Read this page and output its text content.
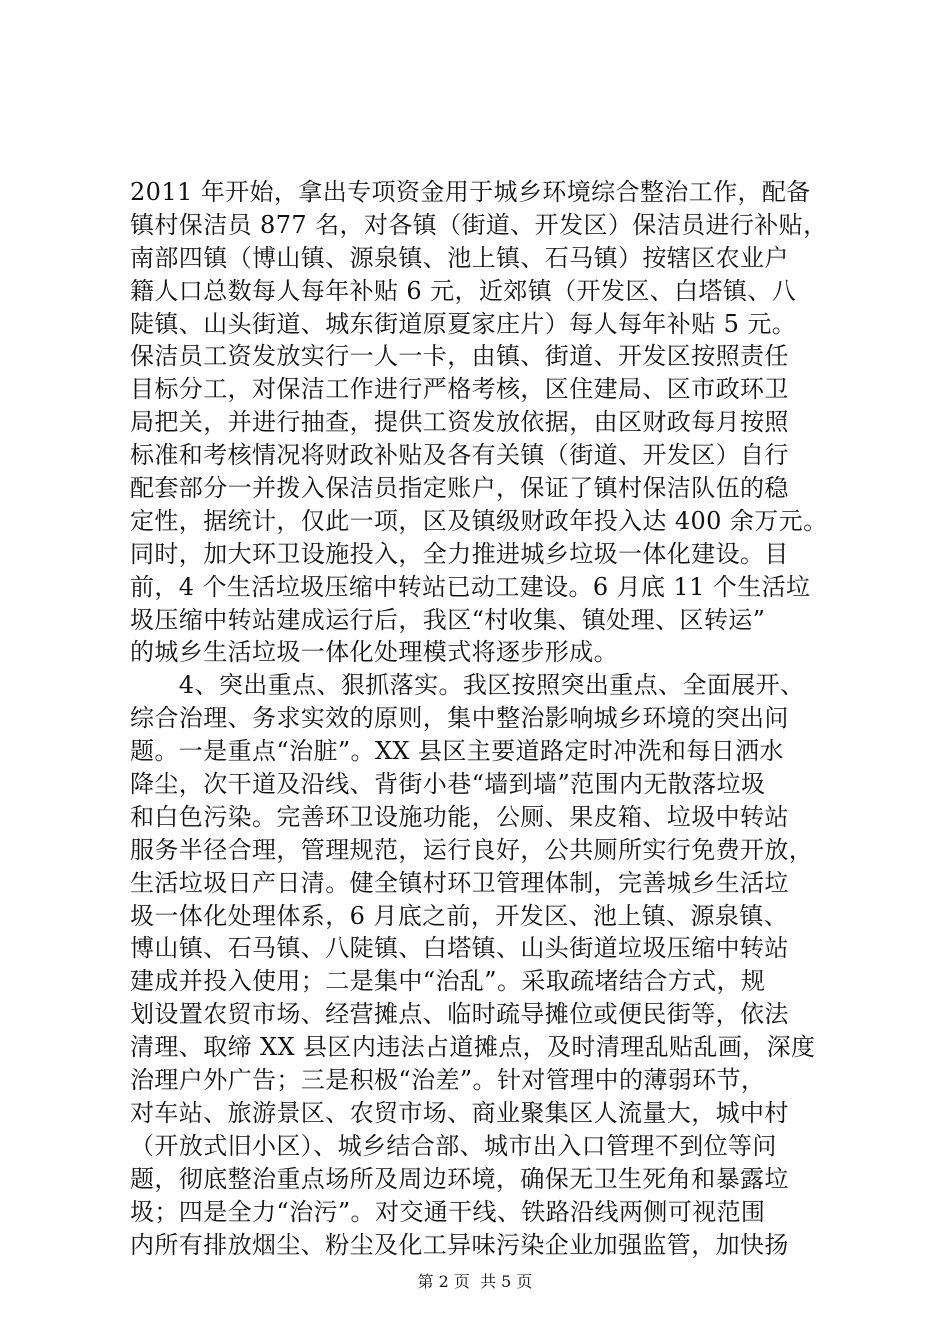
2011 年开始，拿出专项资金用于城乡环境综合整治工作，配备
镇村保洁员 877 名，对各镇（街道、开发区）保洁员进行补贴，
南部四镇（博山镇、源泉镇、池上镇、石马镇）按辖区农业户
籍人口总数每人每年补贴 6 元，近郊镇（开发区、白塔镇、八
陡镇、山头街道、城东街道原夏家庄片）每人每年补贴 5 元。
保洁员工资发放实行一人一卡，由镇、街道、开发区按照责任
目标分工，对保洁工作进行严格考核，区住建局、区市政环卫
局把关，并进行抽查，提供工资发放依据，由区财政每月按照
标准和考核情况将财政补贴及各有关镇（街道、开发区）自行
配套部分一并拨入保洁员指定账户，保证了镇村保洁队伍的稳
定性，据统计，仅此一项，区及镇级财政年投入达 400 余万元。
同时，加大环卫设施投入，全力推进城乡垃圾一体化建设。目
前，4 个生活垃圾压缩中转站已动工建设。6 月底 11 个生活垃
圾压缩中转站建成运行后，我区“村收集、镇处理、区转运”
的城乡生活垃圾一体化处理模式将逐步形成。
　　4、突出重点、狠抓落实。我区按照突出重点、全面展开、
综合治理、务求实效的原则，集中整治影响城乡环境的突出问
题。一是重点“治脏”。XX 县区主要道路定时冲洗和每日洒水
降尘，次干道及沿线、背街小巷“墙到墙”范围内无散落垃圾
和白色污染。完善环卫设施功能，公厕、果皮箱、垃圾中转站
服务半径合理，管理规范，运行良好，公共厕所实行免费开放，
生活垃圾日产日清。健全镇村环卫管理体制，完善城乡生活垃
圾一体化处理体系，6 月底之前，开发区、池上镇、源泉镇、
博山镇、石马镇、八陡镇、白塔镇、山头街道垃圾压缩中转站
建成并投入使用；二是集中“治乱”。采取疏堵结合方式，规
划设置农贸市场、经营摊点、临时疏导摊位或便民街等，依法
清理、取缔 XX 县区内违法占道摊点，及时清理乱贴乱画，深度
治理户外广告；三是积极“治差”。针对管理中的薄弱环节，
对车站、旅游景区、农贸市场、商业聚集区人流量大，城中村
（开放式旧小区）、城乡结合部、城市出入口管理不到位等问
题，彻底整治重点场所及周边环境，确保无卫生死角和暴露垃
圾；四是全力“治污”。对交通干线、铁路沿线两侧可视范围
内所有排放烟尘、粉尘及化工异味污染企业加强监管，加快扬
第 2 页  共 5 页
